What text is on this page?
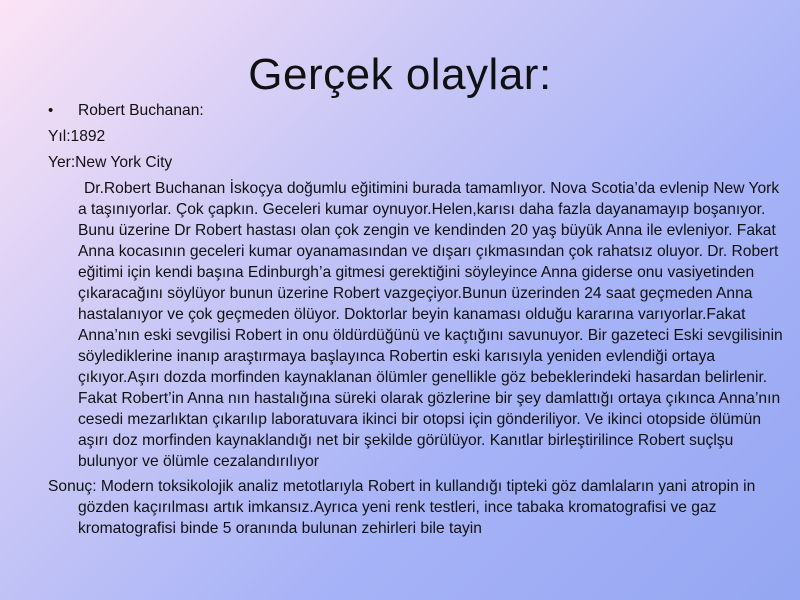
Gerçek olaylar:
•	Robert Buchanan:

Yıl:1892

Yer:New York City

Dr.Robert Buchanan İskoçya doğumlu eğitimini burada tamamlıyor. Nova Scotia’da evlenip New York a taşınıyorlar. Çok çapkın. Geceleri kumar oynuyor.Helen,karısı daha fazla dayanamayıp boşanıyor. Bunu üzerine Dr Robert hastası olan çok zengin ve kendinden 20 yaş büyük Anna ile evleniyor. Fakat Anna kocasının geceleri kumar oyanamasından ve dışarı çıkmasından çok rahatsız oluyor. Dr. Robert eğitimi için kendi başına Edinburgh’a gitmesi gerektiğini söyleyince Anna giderse onu vasiyetinden çıkaracağını söylüyor bunun üzerine Robert vazgeçiyor.Bunun üzerinden 24 saat geçmeden Anna hastalanıyor ve çok geçmeden ölüyor. Doktorlar beyin kanaması olduğu kararına varıyorlar.Fakat Anna’nın eski sevgilisi Robert in onu öldürdüğünü ve kaçtığını savunuyor. Bir gazeteci Eski sevgilisinin söylediklerine inanıp araştırmaya başlayınca Robertin eski karısıyla yeniden evlendiği ortaya çıkıyor.Aşırı dozda morfinden kaynaklanan ölümler genellikle göz bebeklerindeki hasardan belirlenir. Fakat Robert’in Anna nın hastalığına süreki olarak gözlerine bir şey damlattığı ortaya çıkınca Anna’nın cesedi mezarlıktan çıkarılıp laboratuvara ikinci bir otopsi için gönderiliyor. Ve ikinci otopside ölümün aşırı doz morfinden kaynaklandığı net bir şekilde görülüyor. Kanıtlar birleştirilince Robert suçlşu bulunyor ve ölümle cezalandırılıyor

Sonuç: Modern toksikolojik analiz metotlarıyla Robert in kullandığı tipteki göz damlaların yani atropin in gözden kaçırılması artık imkansız.Ayrıca yeni renk testleri, ince tabaka kromatografisi ve gaz kromatografisi binde 5 oranında bulunan zehirleri bile tayin
